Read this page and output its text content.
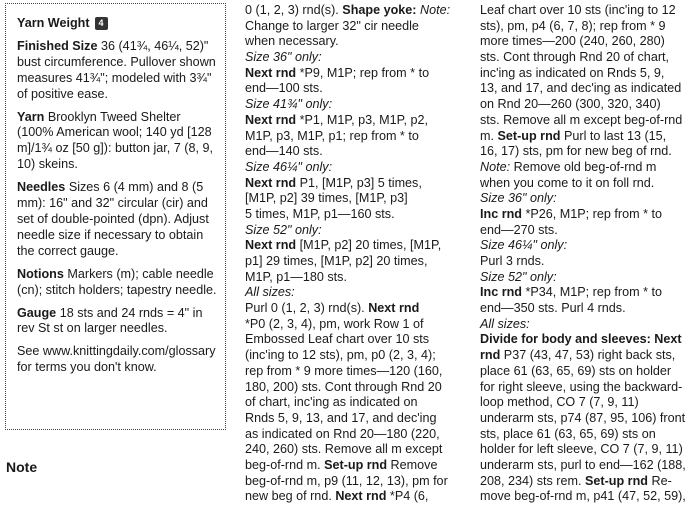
Yarn Weight 4

Finished Size 36 (41¾, 46¼, 52)" bust circumference. Pullover shown measures 41¾"; modeled with 3¾" of positive ease.

Yarn Brooklyn Tweed Shelter (100% American wool; 140 yd [128 m]/1¾ oz [50 g]): button jar, 7 (8, 9, 10) skeins.

Needles Sizes 6 (4 mm) and 8 (5 mm): 16" and 32" circular (cir) and set of double-pointed (dpn). Adjust needle size if necessary to obtain the correct gauge.

Notions Markers (m); cable needle (cn); stitch holders; tapestry needle.

Gauge 18 sts and 24 rnds = 4" in rev St st on larger needles.

See www.knittingdaily.com/glossary for terms you don't know.

Note
0 (1, 2, 3) rnd(s). Shape yoke: Note:
Change to larger 32" cir needle
when necessary.
Size 36" only:
Next rnd *P9, M1P; rep from * to
end—100 sts.
Size 41¾" only:
Next rnd *P1, M1P, p3, M1P, p2,
M1P, p3, M1P, p1; rep from * to
end—140 sts.
Size 46¼" only:
Next rnd P1, [M1P, p3] 5 times,
[M1P, p2] 39 times, [M1P, p3]
5 times, M1P, p1—160 sts.
Size 52" only:
Next rnd [M1P, p2] 20 times, [M1P,
p1] 29 times, [M1P, p2] 20 times,
M1P, p1—180 sts.
All sizes:
Purl 0 (1, 2, 3) rnd(s). Next rnd
*P0 (2, 3, 4), pm, work Row 1 of
Embossed Leaf chart over 10 sts
(inc'ing to 12 sts), pm, p0 (2, 3, 4);
rep from * 9 more times—120 (160,
180, 200) sts. Cont through Rnd 20
of chart, inc'ing as indicated on
Rnds 5, 9, 13, and 17, and dec'ing
as indicated on Rnd 20—180 (220,
240, 260) sts. Remove all m except
beg-of-rnd m. Set-up rnd Remove
beg-of-rnd m, p9 (11, 12, 13), pm for
new beg of rnd. Next rnd *P4 (6,
Leaf chart over 10 sts (inc'ing to 12
sts), pm, p4 (6, 7, 8); rep from * 9
more times—200 (240, 260, 280)
sts. Cont through Rnd 20 of chart,
inc'ing as indicated on Rnds 5, 9,
13, and 17, and dec'ing as indicated
on Rnd 20—260 (300, 320, 340)
sts. Remove all m except beg-of-rnd
m. Set-up rnd Purl to last 13 (15,
16, 17) sts, pm for new beg of rnd.
Note: Remove old beg-of-rnd m
when you come to it on foll rnd.
Size 36" only:
Inc rnd *P26, M1P; rep from * to
end—270 sts.
Size 46¼" only:
Purl 3 rnds.
Size 52" only:
Inc rnd *P34, M1P; rep from * to
end—350 sts. Purl 4 rnds.
All sizes:
Divide for body and sleeves: Next
rnd P37 (43, 47, 53) right back sts,
place 61 (63, 65, 69) sts on holder
for right sleeve, using the backward-
loop method, CO 7 (7, 9, 11)
underarm sts, p74 (87, 95, 106) front
sts, place 61 (63, 65, 69) sts on
holder for left sleeve, CO 7 (7, 9, 11)
underarm sts, purl to end—162 (188,
208, 234) sts rem. Set-up rnd Re-
move beg-of-rnd m, p41 (47, 52, 59),
